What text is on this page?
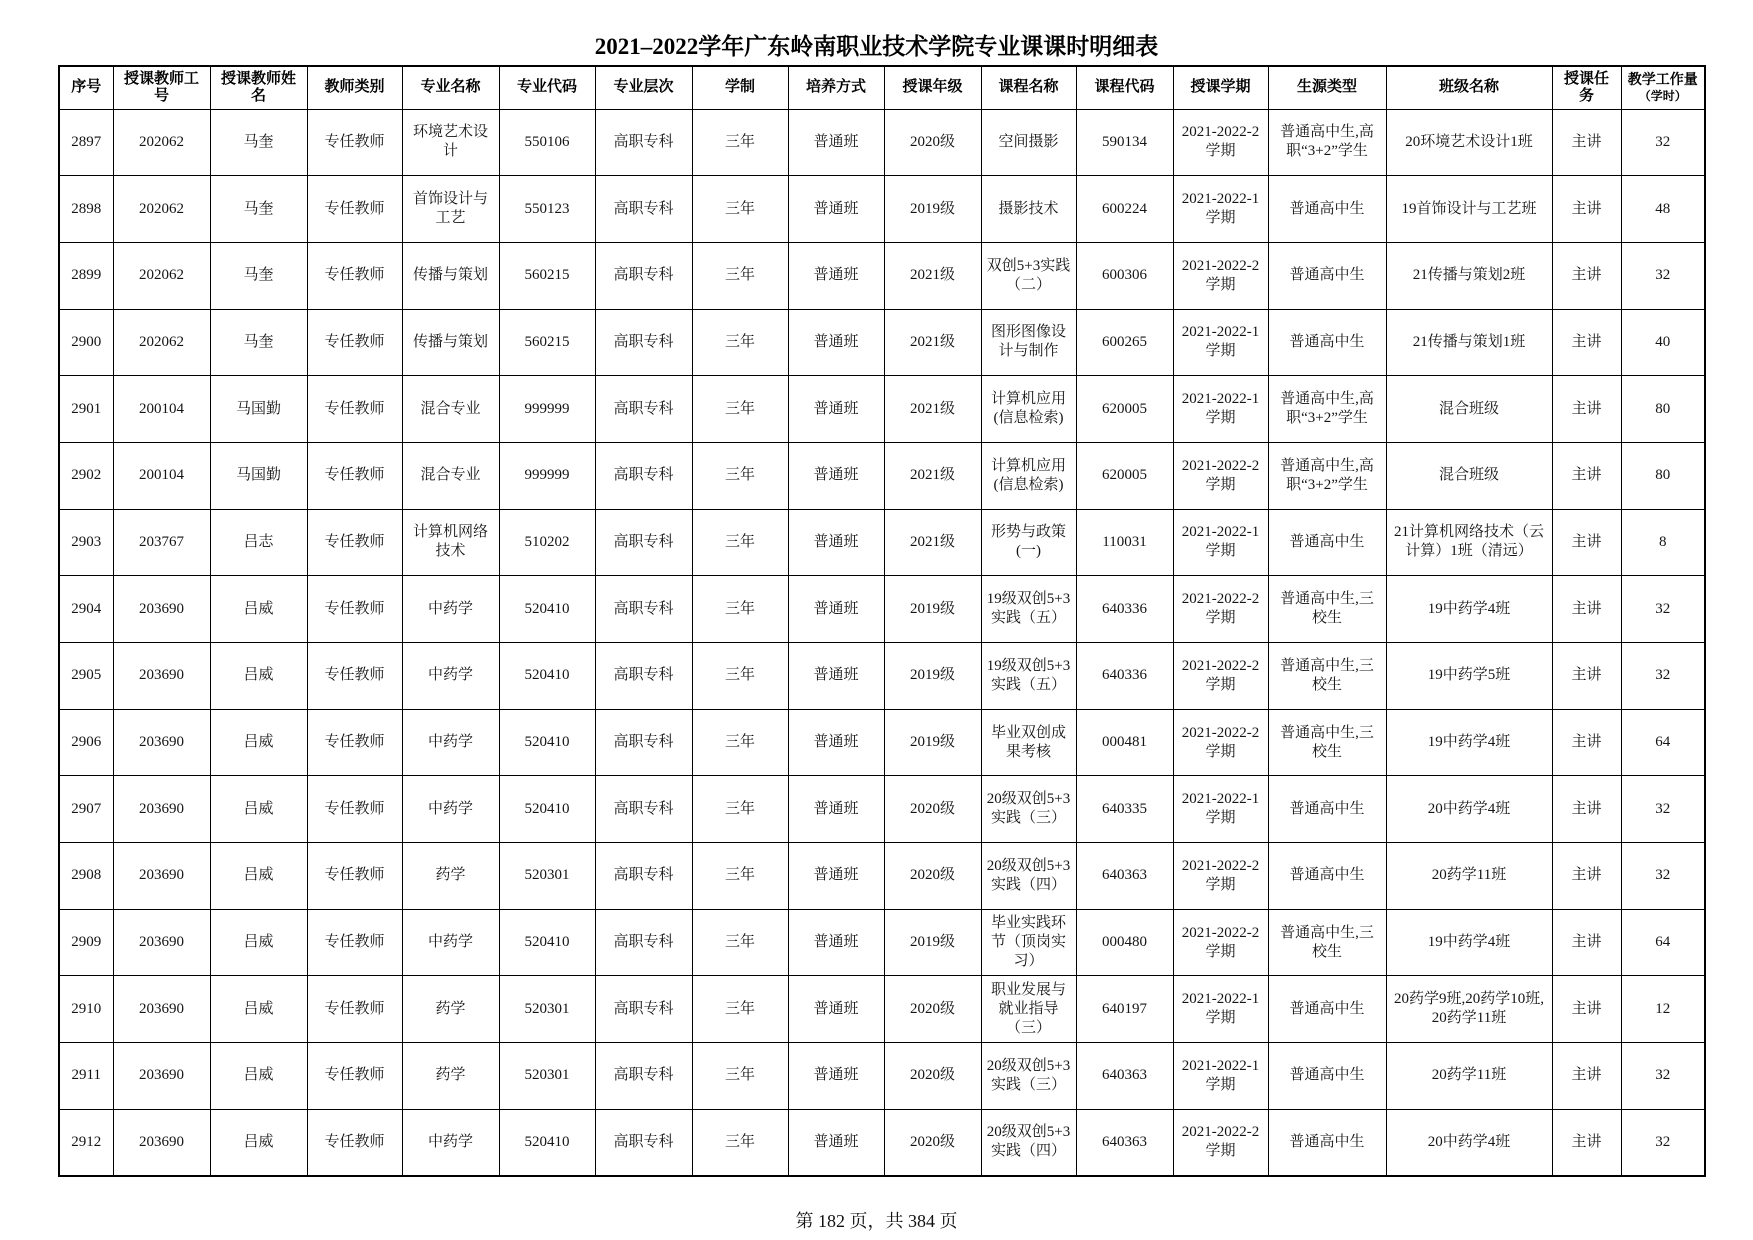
2021–2022学年广东岭南职业技术学院专业课课时明细表
序号	授课教师工号	授课教师姓名	教师类别	专业名称	专业代码	专业层次	学制	培养方式	授课年级	课程名称	课程代码	授课学期	生源类型	班级名称	授课任务	教学工作量
（学时）

2897	202062	马奎	专任教师	环境艺术设计	550106	高职专科	三年	普通班	2020级	空间摄影	590134	2021-2022-2学期	普通高中生,高职“3+2”学生	20环境艺术设计1班	主讲	32
2898	202062	马奎	专任教师	首饰设计与工艺	550123	高职专科	三年	普通班	2019级	摄影技术	600224	2021-2022-1学期	普通高中生	19首饰设计与工艺班	主讲	48
2899	202062	马奎	专任教师	传播与策划	560215	高职专科	三年	普通班	2021级	双创5+3实践（二）	600306	2021-2022-2学期	普通高中生	21传播与策划2班	主讲	32
2900	202062	马奎	专任教师	传播与策划	560215	高职专科	三年	普通班	2021级	图形图像设计与制作	600265	2021-2022-1学期	普通高中生	21传播与策划1班	主讲	40
2901	200104	马国勤	专任教师	混合专业	999999	高职专科	三年	普通班	2021级	计算机应用(信息检索)	620005	2021-2022-1学期	普通高中生,高职“3+2”学生	混合班级	主讲	80
2902	200104	马国勤	专任教师	混合专业	999999	高职专科	三年	普通班	2021级	计算机应用(信息检索)	620005	2021-2022-2学期	普通高中生,高职“3+2”学生	混合班级	主讲	80
2903	203767	吕志	专任教师	计算机网络技术	510202	高职专科	三年	普通班	2021级	形势与政策(一)	110031	2021-2022-1学期	普通高中生	21计算机网络技术（云计算）1班（清远）	主讲	8
2904	203690	吕威	专任教师	中药学	520410	高职专科	三年	普通班	2019级	19级双创5+3实践（五）	640336	2021-2022-2学期	普通高中生,三校生	19中药学4班	主讲	32
2905	203690	吕威	专任教师	中药学	520410	高职专科	三年	普通班	2019级	19级双创5+3实践（五）	640336	2021-2022-2学期	普通高中生,三校生	19中药学5班	主讲	32
2906	203690	吕威	专任教师	中药学	520410	高职专科	三年	普通班	2019级	毕业双创成果考核	000481	2021-2022-2学期	普通高中生,三校生	19中药学4班	主讲	64
2907	203690	吕威	专任教师	中药学	520410	高职专科	三年	普通班	2020级	20级双创5+3实践（三）	640335	2021-2022-1学期	普通高中生	20中药学4班	主讲	32
2908	203690	吕威	专任教师	药学	520301	高职专科	三年	普通班	2020级	20级双创5+3实践（四）	640363	2021-2022-2学期	普通高中生	20药学11班	主讲	32
2909	203690	吕威	专任教师	中药学	520410	高职专科	三年	普通班	2019级	毕业实践环节（顶岗实习）	000480	2021-2022-2学期	普通高中生,三校生	19中药学4班	主讲	64
2910	203690	吕威	专任教师	药学	520301	高职专科	三年	普通班	2020级	职业发展与就业指导（三）	640197	2021-2022-1学期	普通高中生	20药学9班,20药学10班,20药学11班	主讲	12
2911	203690	吕威	专任教师	药学	520301	高职专科	三年	普通班	2020级	20级双创5+3实践（三）	640363	2021-2022-1学期	普通高中生	20药学11班	主讲	32
2912	203690	吕威	专任教师	中药学	520410	高职专科	三年	普通班	2020级	20级双创5+3实践（四）	640363	2021-2022-2学期	普通高中生	20中药学4班	主讲	32
第 182 页，共 384 页
